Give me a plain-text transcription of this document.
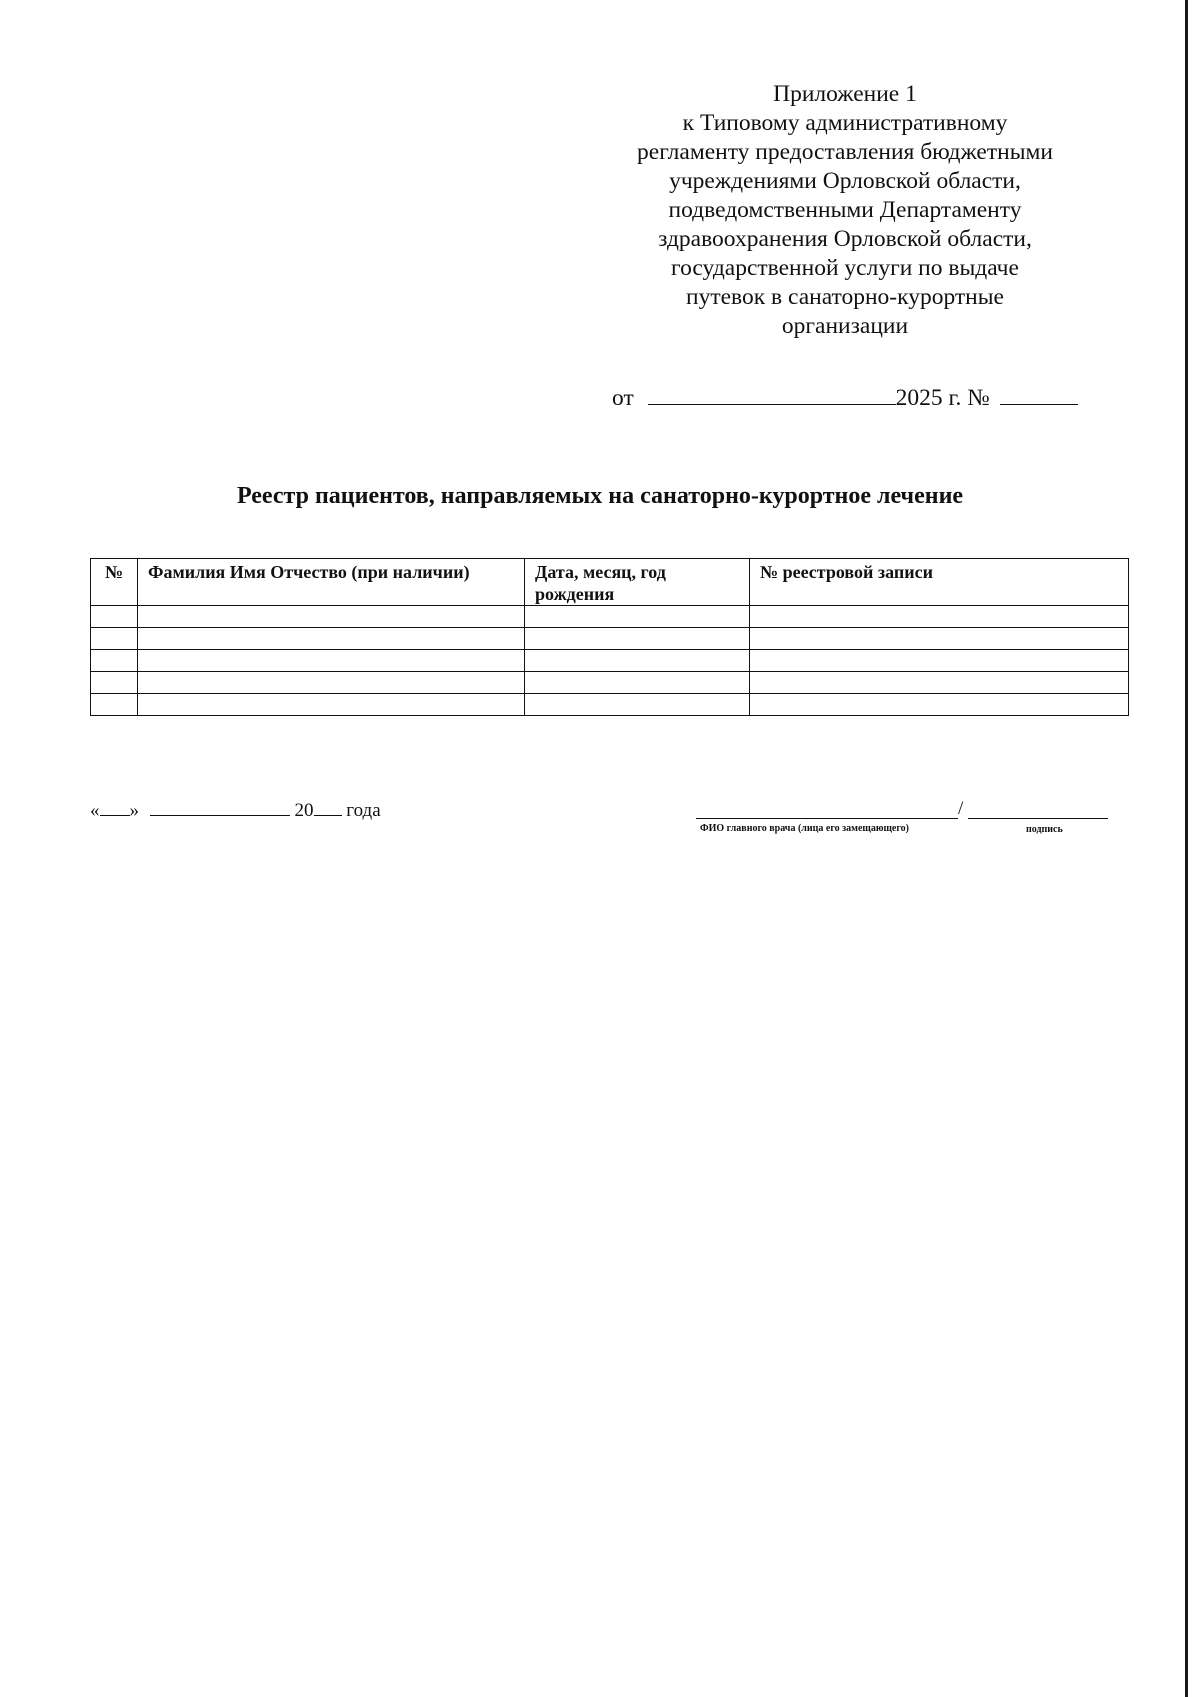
Приложение 1
к Типовому административному
регламенту предоставления бюджетными
учреждениями Орловской области,
подведомственными Департаменту
здравоохранения Орловской области,
государственной услуги по выдаче
путевок в санаторно-курортные
организации
от	2025 г. №
Реестр пациентов, направляемых на санаторно-курортное лечение
№	Фамилия Имя Отчество (при наличии)	Дата, месяц, год рождения	№ реестровой записи

« »	20 года	/
ФИО главного врача (лица его замещающего)	подпись
